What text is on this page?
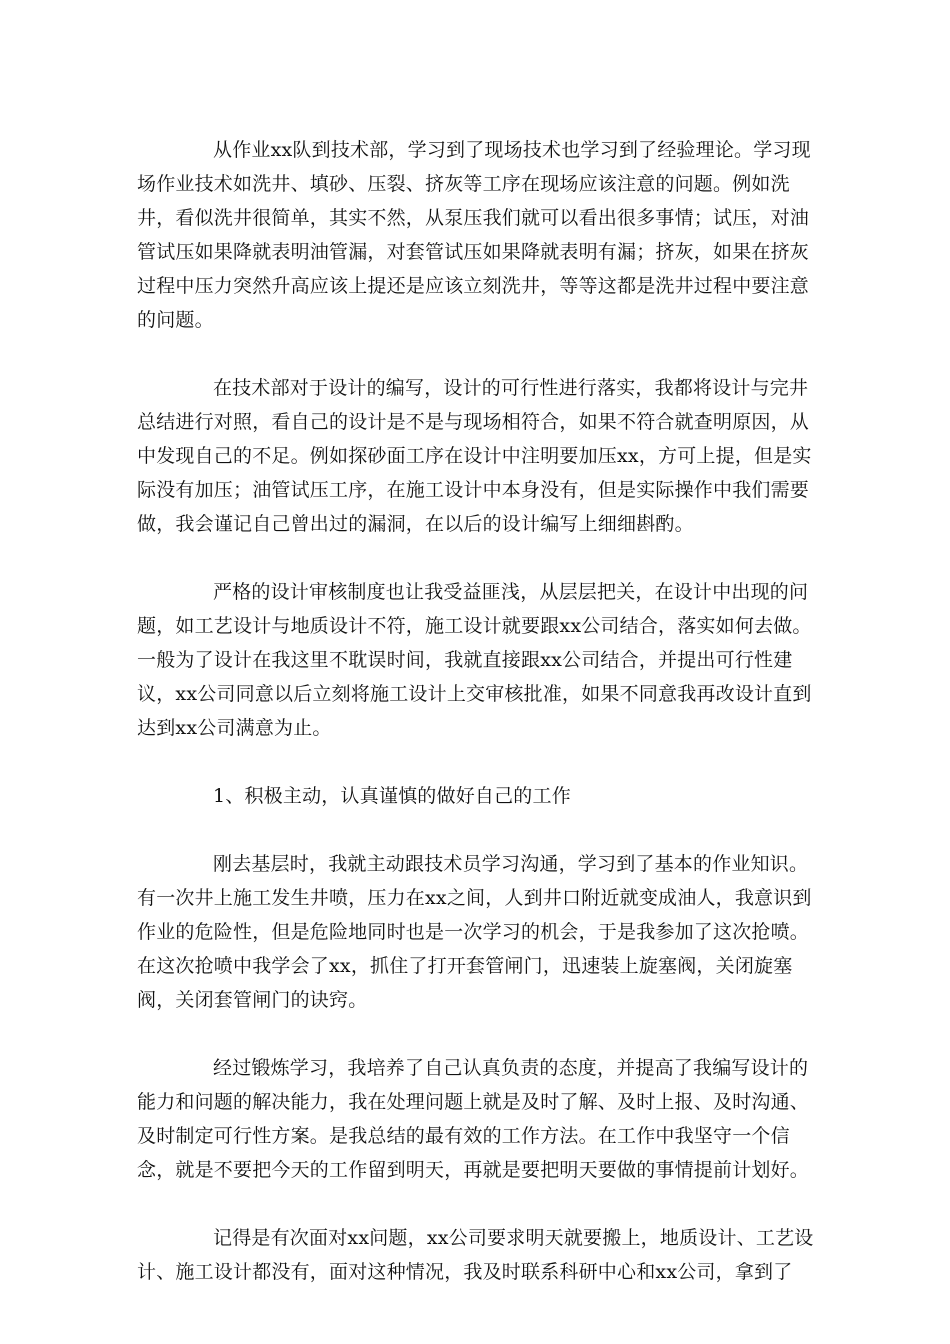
从作业xx队到技术部，学习到了现场技术也学习到了经验理论。学习现场作业技术如洗井、填砂、压裂、挤灰等工序在现场应该注意的问题。例如洗井，看似洗井很简单，其实不然，从泵压我们就可以看出很多事情；试压，对油管试压如果降就表明油管漏，对套管试压如果降就表明有漏；挤灰，如果在挤灰过程中压力突然升高应该上提还是应该立刻洗井，等等这都是洗井过程中要注意的问题。

在技术部对于设计的编写，设计的可行性进行落实，我都将设计与完井总结进行对照，看自己的设计是不是与现场相符合，如果不符合就查明原因，从中发现自己的不足。例如探砂面工序在设计中注明要加压xx，方可上提，但是实际没有加压；油管试压工序，在施工设计中本身没有，但是实际操作中我们需要做，我会谨记自己曾出过的漏洞，在以后的设计编写上细细斟酌。

严格的设计审核制度也让我受益匪浅，从层层把关，在设计中出现的问题，如工艺设计与地质设计不符，施工设计就要跟xx公司结合，落实如何去做。一般为了设计在我这里不耽误时间，我就直接跟xx公司结合，并提出可行性建议，xx公司同意以后立刻将施工设计上交审核批准，如果不同意我再改设计直到达到xx公司满意为止。

1、积极主动，认真谨慎的做好自己的工作

刚去基层时，我就主动跟技术员学习沟通，学习到了基本的作业知识。有一次井上施工发生井喷，压力在xx之间，人到井口附近就变成油人，我意识到作业的危险性，但是危险地同时也是一次学习的机会，于是我参加了这次抢喷。在这次抢喷中我学会了xx，抓住了打开套管闸门，迅速装上旋塞阀，关闭旋塞阀，关闭套管闸门的诀窍。

经过锻炼学习，我培养了自己认真负责的态度，并提高了我编写设计的能力和问题的解决能力，我在处理问题上就是及时了解、及时上报、及时沟通、及时制定可行性方案。是我总结的最有效的工作方法。在工作中我坚守一个信念，就是不要把今天的工作留到明天，再就是要把明天要做的事情提前计划好。

记得是有次面对xx问题，xx公司要求明天就要搬上，地质设计、工艺设计、施工设计都没有，面对这种情况，我及时联系科研中心和xx公司，拿到了
